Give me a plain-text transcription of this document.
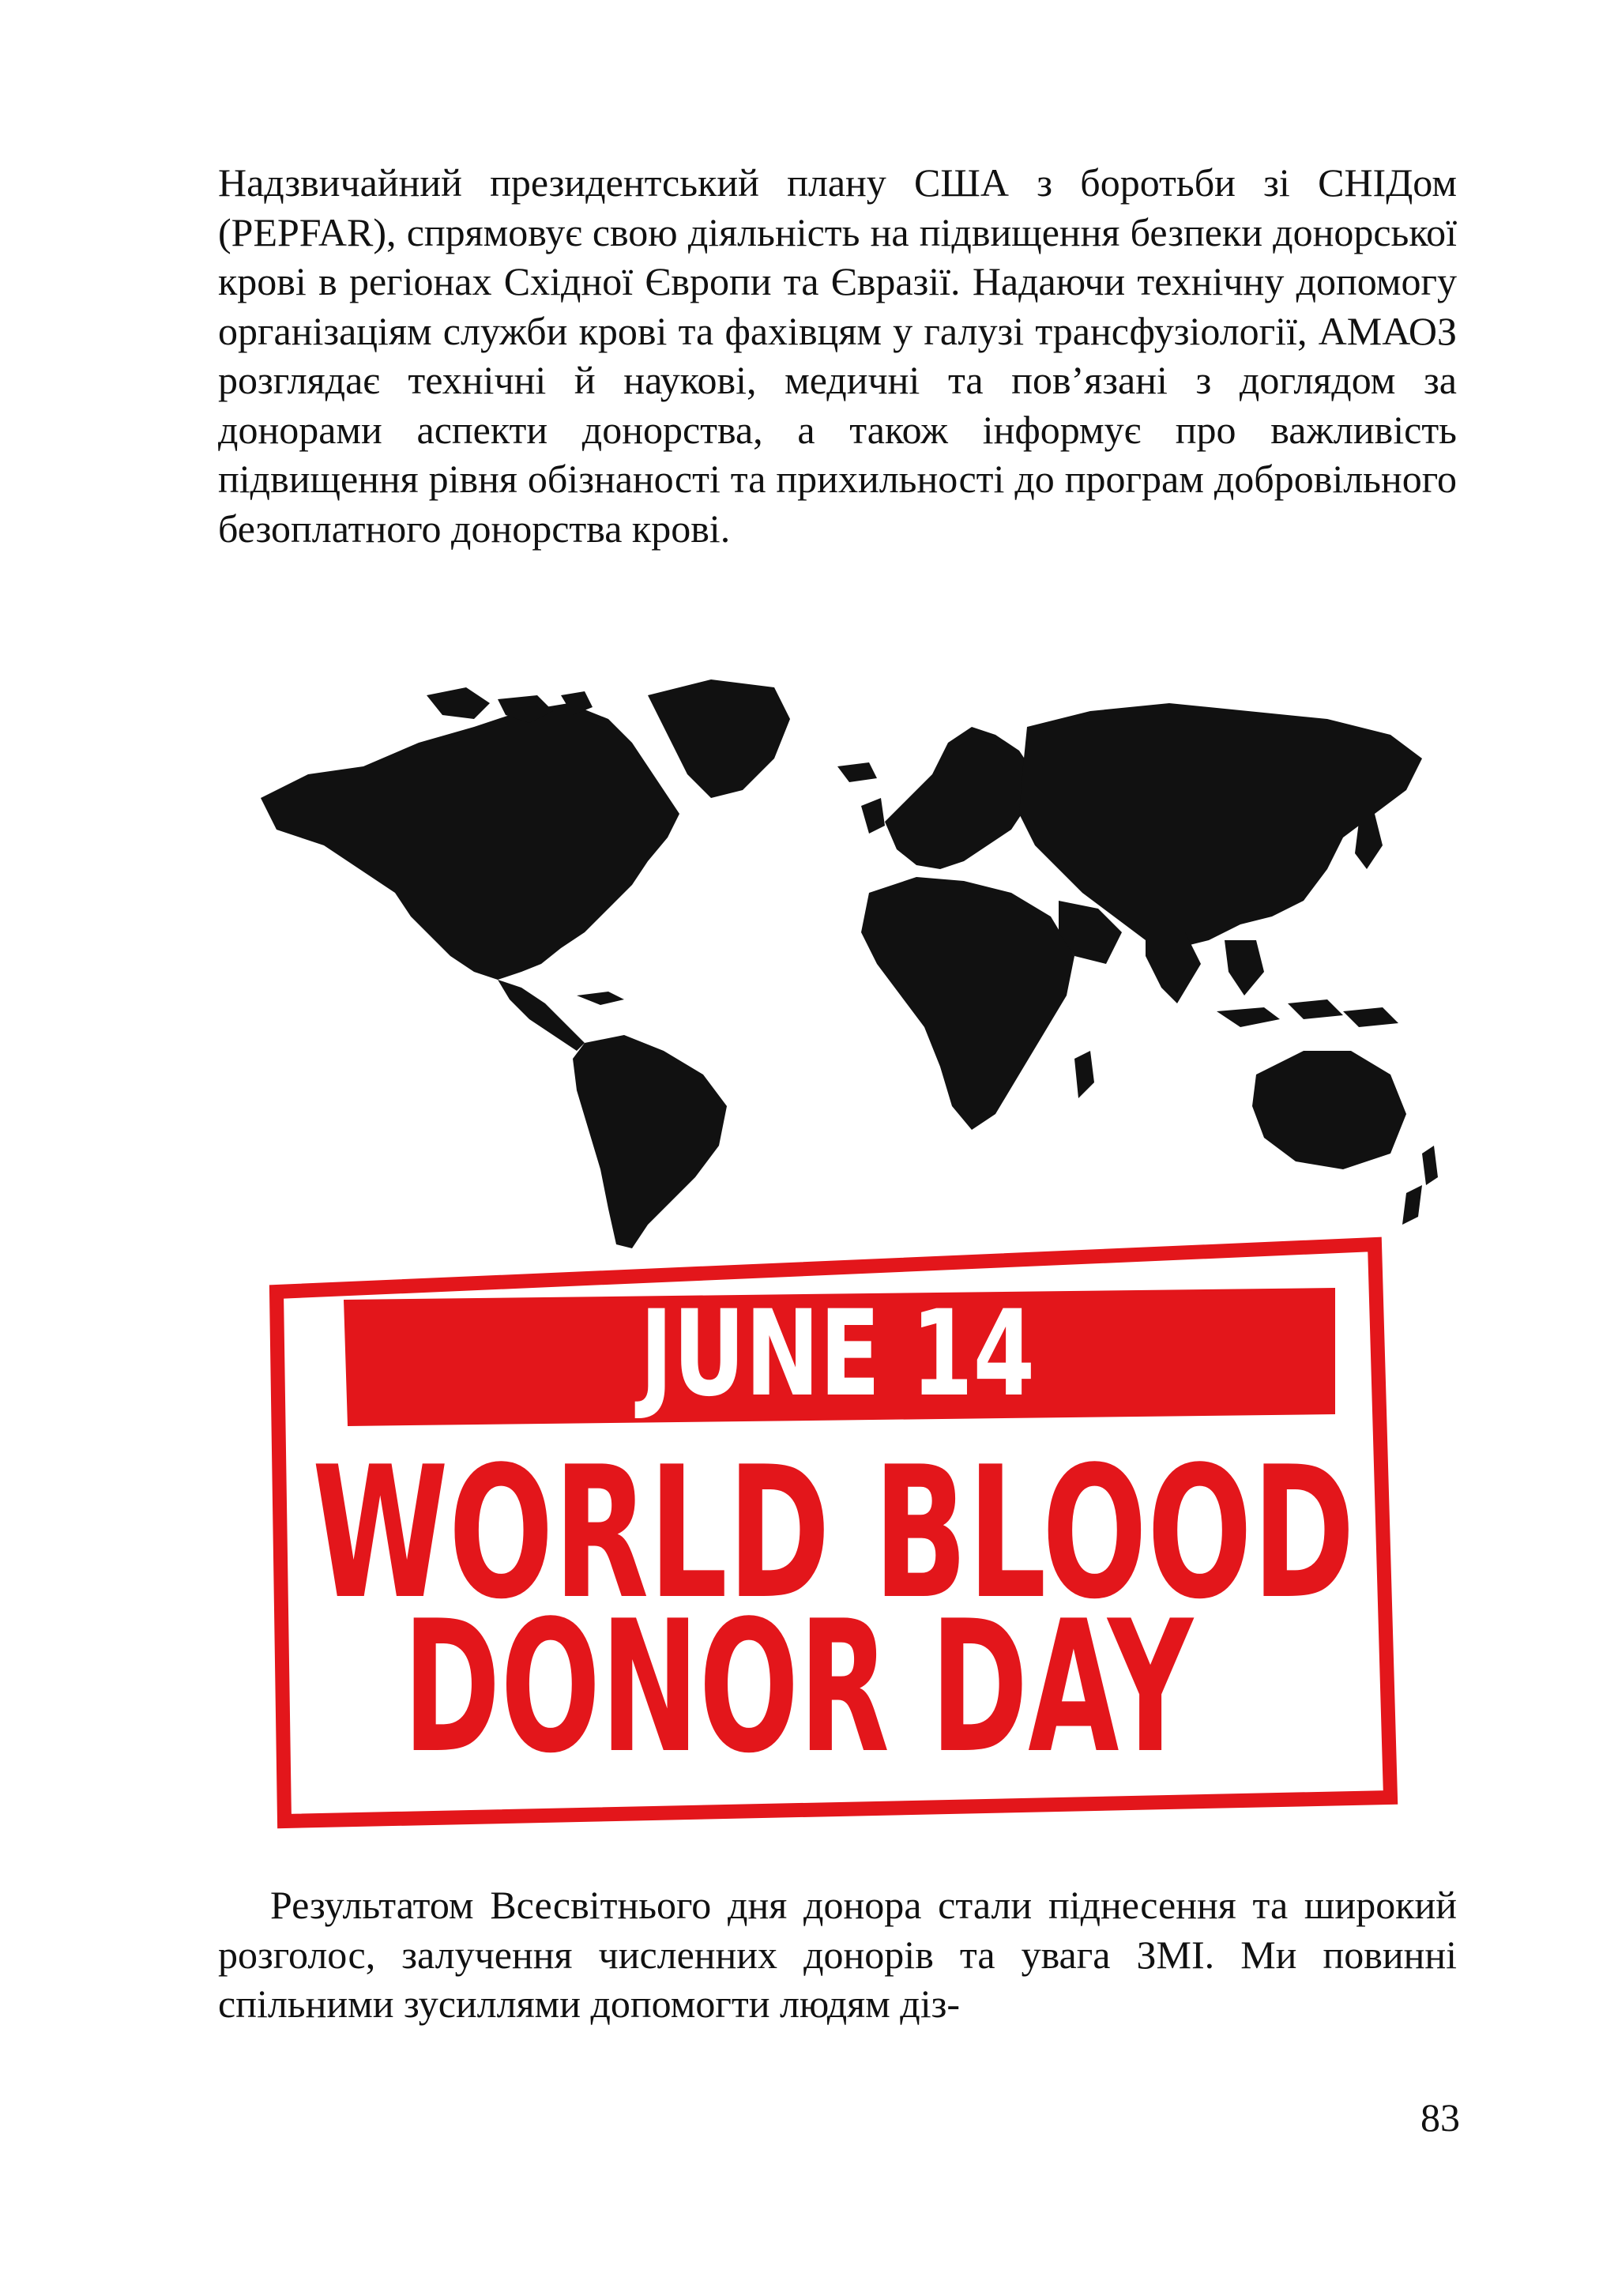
Надзвичайний президентський плану США з боротьби зі СНІДом (PEPFAR), спрямовує свою діяльність на підвищення безпеки донорської крові в регіонах Східної Європи та Євразії. Надаючи технічну допомогу організаціям служби крові та фахівцям у галузі трансфузіології, АМАОЗ розглядає технічні й наукові, медичні та пов’язані з доглядом за донорами аспекти донорства, а також інформує про важливість підвищення рівня обізнаності та прихильності до програм добровільного безоплатного донорства крові.

JUNE 14
WORLD BLOOD
DONOR DAY

Результатом Всесвітнього дня донора стали піднесення та широкий розголос, залучення численних донорів та увага ЗМІ. Ми повинні спільними зусиллями допомогти людям діз-

83
